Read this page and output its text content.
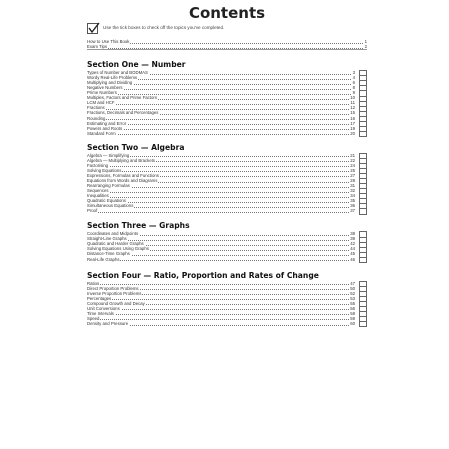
Contents
Use the tick boxes to check off the topics you've completed.
How to Use This Book	1
Exam Tips	2
Section One — Number
Types of Number and BODMAS	3
Wordy Real-Life Problems	4
Multiplying and Dividing	6
Negative Numbers	8
Prime Numbers	9
Multiples, Factors and Prime Factors	10
LCM and HCF	11
Fractions	12
Fractions, Decimals and Percentages	15
Rounding	16
Estimating and Error	17
Powers and Roots	19
Standard Form	20
Section Two — Algebra
Algebra — Simplifying	21
Algebra — Multiplying and Brackets	22
Factorising	24
Solving Equations	25
Expressions, Formulas and Functions	27
Equations from Words and Diagrams	28
Rearranging Formulas	31
Sequences	32
Inequalities	34
Quadratic Equations	35
Simultaneous Equations	36
Proof	37
Section Three — Graphs
Coordinates and Midpoints	38
Straight-Line Graphs	39
Quadratic and Harder Graphs	42
Solving Equations Using Graphs	44
Distance-Time Graphs	45
Real-Life Graphs	46
Section Four — Ratio, Proportion and Rates of Change
Ratios	47
Direct Proportion Problems	50
Inverse Proportion Problems	52
Percentages	53
Compound Growth and Decay	55
Unit Conversions	56
Time Intervals	58
Speed	59
Density and Pressure	60
